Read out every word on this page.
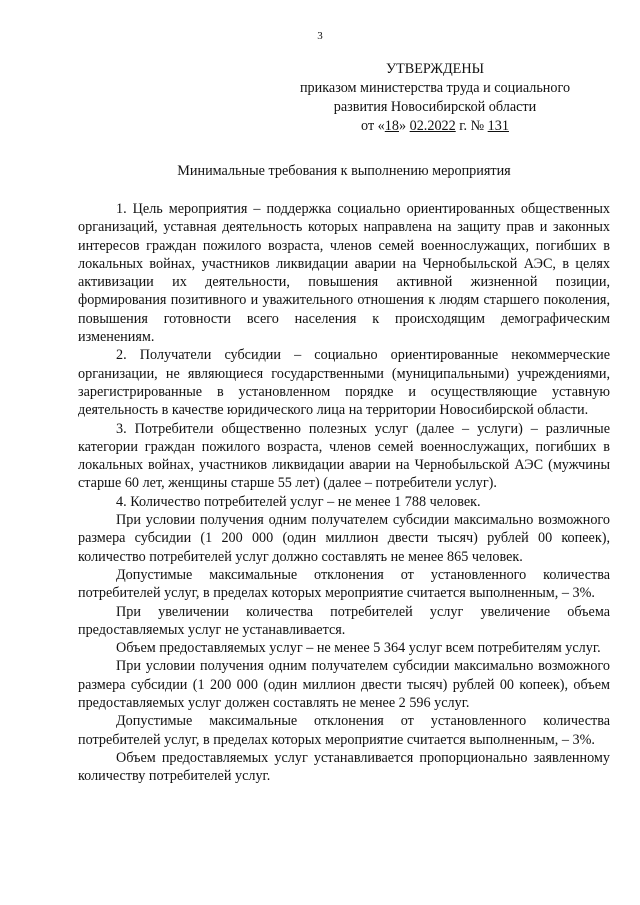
3
УТВЕРЖДЕНЫ
приказом министерства труда и социального
развития Новосибирской области
от «18» 02.2022 г. № 131
Минимальные требования к выполнению мероприятия

1. Цель мероприятия – поддержка социально ориентированных общественных организаций, уставная деятельность которых направлена на защиту прав и законных интересов граждан пожилого возраста, членов семей военнослужащих, погибших в локальных войнах, участников ликвидации аварии на Чернобыльской АЭС, в целях активизации их деятельности, повышения активной жизненной позиции, формирования позитивного и уважительного отношения к людям старшего поколения, повышения готовности всего населения к происходящим демографическим изменениям.

2. Получатели субсидии – социально ориентированные некоммерческие организации, не являющиеся государственными (муниципальными) учреждениями, зарегистрированные в установленном порядке и осуществляющие уставную деятельность в качестве юридического лица на территории Новосибирской области.

3. Потребители общественно полезных услуг (далее – услуги) – различные категории граждан пожилого возраста, членов семей военнослужащих, погибших в локальных войнах, участников ликвидации аварии на Чернобыльской АЭС (мужчины старше 60 лет, женщины старше 55 лет) (далее – потребители услуг).

4. Количество потребителей услуг – не менее 1 788 человек.

При условии получения одним получателем субсидии максимально возможного размера субсидии (1 200 000 (один миллион двести тысяч) рублей 00 копеек), количество потребителей услуг должно составлять не менее 865 человек.

Допустимые максимальные отклонения от установленного количества потребителей услуг, в пределах которых мероприятие считается выполненным, – 3%.

При увеличении количества потребителей услуг увеличение объема предоставляемых услуг не устанавливается.

Объем предоставляемых услуг – не менее 5 364 услуг всем потребителям услуг.

При условии получения одним получателем субсидии максимально возможного размера субсидии (1 200 000 (один миллион двести тысяч) рублей 00 копеек), объем предоставляемых услуг должен составлять не менее 2 596 услуг.

Допустимые максимальные отклонения от установленного количества потребителей услуг, в пределах которых мероприятие считается выполненным, – 3%.

Объем предоставляемых услуг устанавливается пропорционально заявленному количеству потребителей услуг.
